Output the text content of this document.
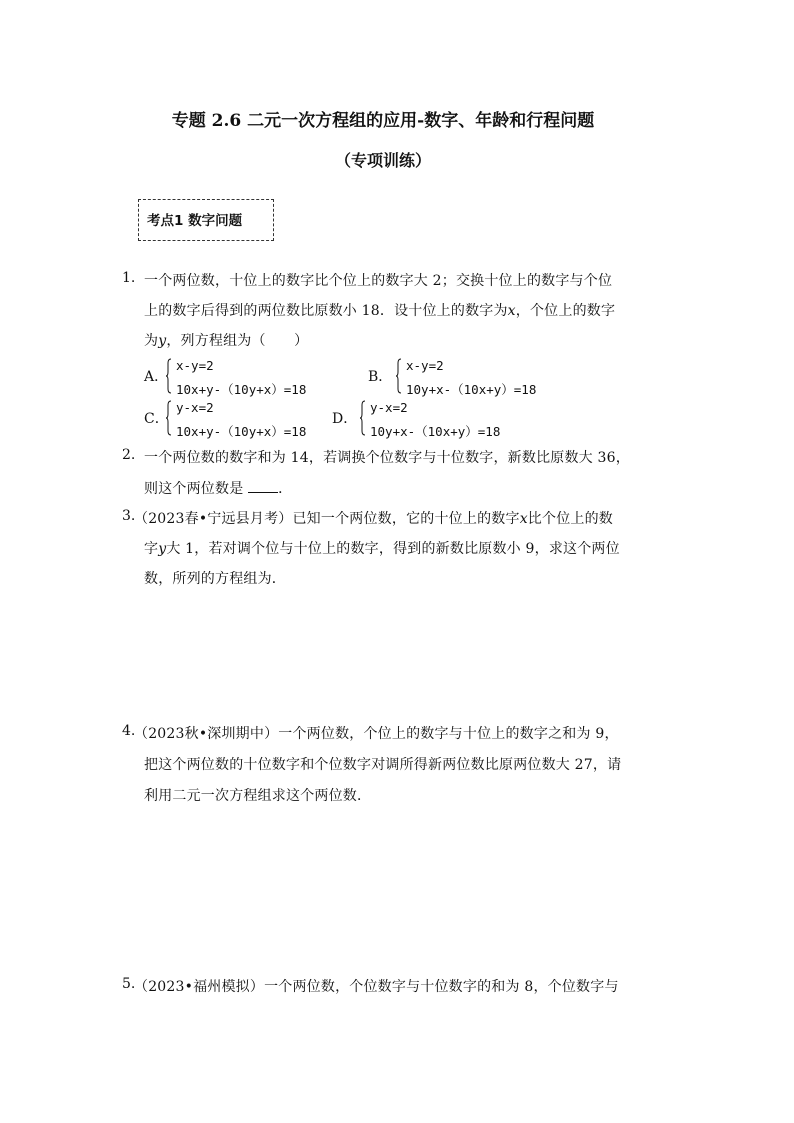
专题 2.6 二元一次方程组的应用-数字、年龄和行程问题
（专项训练）
考点1 数字问题
1. 一个两位数，十位上的数字比个位上的数字大 2；交换十位上的数字与个位
上的数字后得到的两位数比原数小 18．设十位上的数字为x，个位上的数字
为y，列方程组为（　　）
A．
x-y=2
10x+y-（10y+x）=18
B．
x-y=2
10y+x-（10x+y）=18
C．
y-x=2
10x+y-（10y+x）=18
D．
y-x=2
10y+x-（10x+y）=18
2. 一个两位数的数字和为 14，若调换个位数字与十位数字，新数比原数大 36，
则这个两位数是 ．
3.
（2023春•宁远县月考）已知一个两位数，它的十位上的数字x比个位上的数
字y大 1，若对调个位与十位上的数字，得到的新数比原数小 9，求这个两位
数，所列的方程组为．
4.
（2023秋•深圳期中）一个两位数，个位上的数字与十位上的数字之和为 9，
把这个两位数的十位数字和个位数字对调所得新两位数比原两位数大 27，请
利用二元一次方程组求这个两位数．
5.
（2023•福州模拟）一个两位数，个位数字与十位数字的和为 8，个位数字与
